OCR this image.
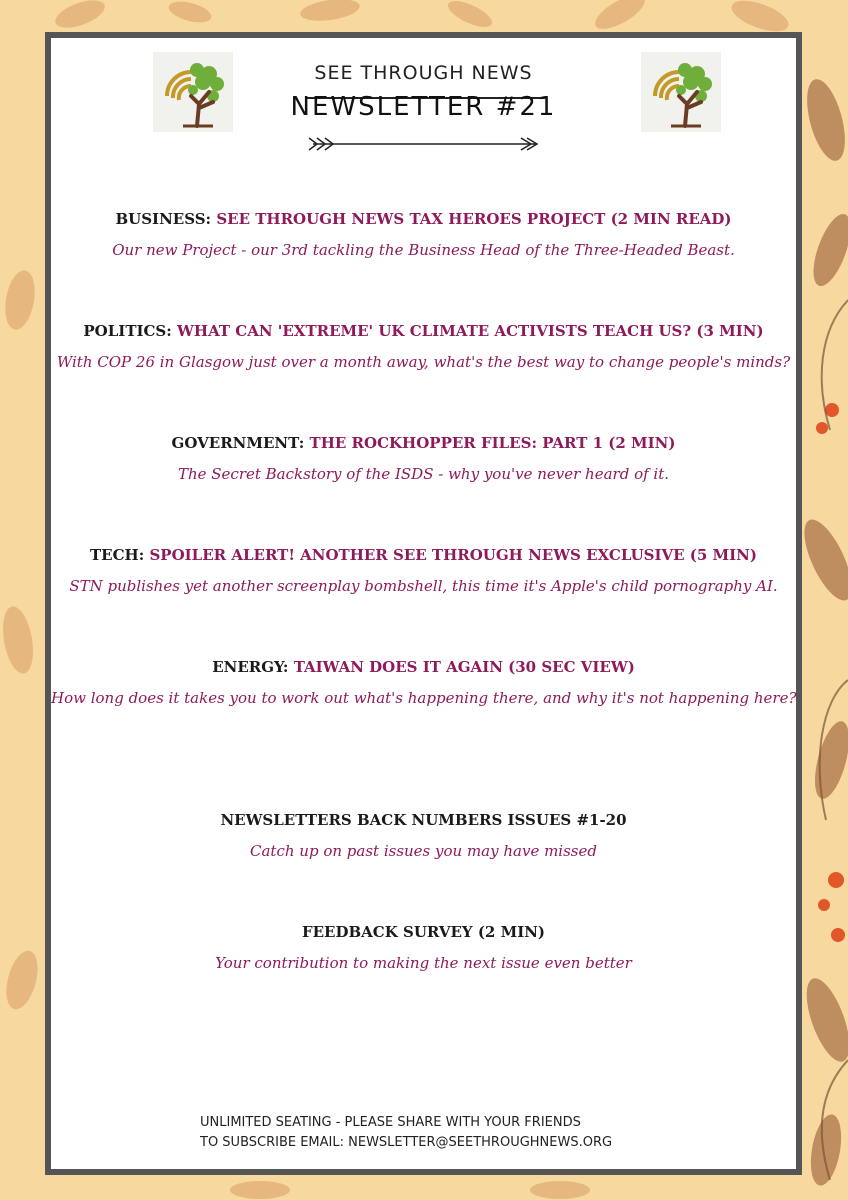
SEE THROUGH NEWS
NEWSLETTER #21
BUSINESS: SEE THROUGH NEWS TAX HEROES PROJECT (2 MIN READ)
Our new Project - our 3rd tackling the Business Head of the Three-Headed Beast.
POLITICS: WHAT CAN 'EXTREME' UK CLIMATE ACTIVISTS TEACH US? (3 MIN)
With COP 26 in Glasgow just over a month away, what's the best way to change people's minds?
GOVERNMENT: THE ROCKHOPPER FILES: PART 1 (2 MIN)
The Secret Backstory of the ISDS - why you've never heard of it.
TECH: SPOILER ALERT! ANOTHER SEE THROUGH NEWS EXCLUSIVE (5 MIN)
STN publishes yet another screenplay bombshell, this time it's Apple's child pornography AI.
ENERGY: TAIWAN DOES IT AGAIN (30 SEC VIEW)
How long does it takes you to work out what's happening there, and why it's not happening here?
NEWSLETTERS BACK NUMBERS ISSUES #1-20
Catch up on past issues you may have missed
FEEDBACK SURVEY (2 MIN)
Your contribution to making the next issue even better
UNLIMITED SEATING - PLEASE SHARE WITH YOUR FRIENDS
TO SUBSCRIBE EMAIL: NEWSLETTER@SEETHROUGHNEWS.ORG
